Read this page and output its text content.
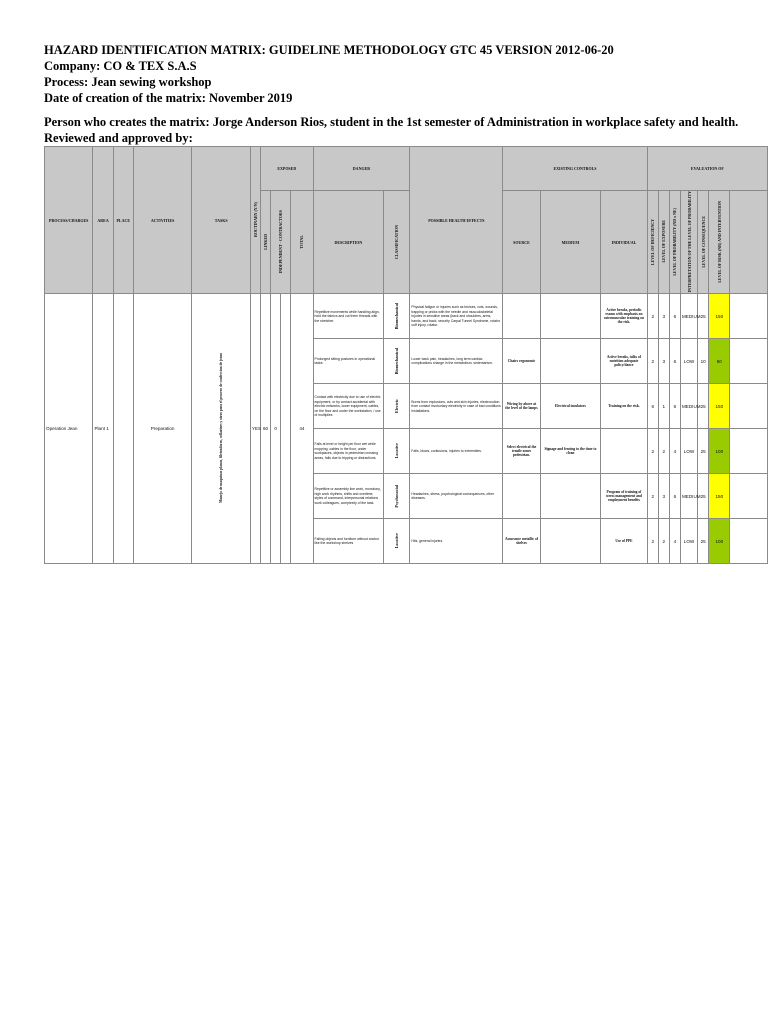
HAZARD IDENTIFICATION MATRIX: GUIDELINE METHODOLOGY GTC 45 VERSION 2012-06-20
Company: CO & TEX S.A.S
Process: Jean sewing workshop
Date of creation of the matrix: November 2019
Person who creates the matrix: Jorge Anderson Rios, student in the 1st semester of Administration in workplace safety and health.
Reviewed and approved by:
PROCESS/CHARGES	AREA	PLACE	ACTIVITIES	TASKS	ROUTINARY (Y/N)	EXPOSED				DANGER		POSSIBLE HEALTH EFFECTS	EXISTING CONTROLS			EVALUATION OF						
						LINKED	INDEPENDENT - CONTRACTORS		TOTAL	DESCRIPTION	CLASSIFICATION		SOURCE	MEDIUM	INDIVIDUAL	LEVEL OF DEFICIENCY	LEVEL OF EXPOSURE	LEVEL OF PROBABILITY (ND x NE)	INTERPRETATION OF THE LEVEL OF PROBABILITY	LEVEL OF CONSEQUENCE	LEVEL OF RISK (NR) AND INTERVENTION	
Operation Jean	Plant 1		Preparation	Manejo de maquinas planas, fileteadoras, collarines y otras para el proceso de confeccion de jeans	YES	60	0		44	Repetitive movements while handling align, hold the fabrics and cut them threads with the stretcher.	Biomechanical	Physical fatigue or injuries such as bruises, cuts, wounds, trapping or pricks with the needle and musculoskeletal injuries in sensitive areas (back and shoulders, arms, hands, and back, security Carpal Tunnel Syndrome, rotator cuff injury, rotator.			Active breaks, periodic exams with emphasis on osteomuscular training on the risk.	2	3	6	MEDIUM	25	150	
										Prolonged sitting postures in operational tasks.	Biomechanical	Lower back pain, headaches, long term cardiac complications change in the metabolism, sedentarism.	Chairs ergonomic		Active breaks, talks of nutrition adequate policy/dance	2	3	6	LOW	10	60	
										Contact with electricity due to use of electric equipment, or by contact accidental with electric networks, lower equipment, cables, on the floor and under the workstation, / use of multiplies	Electric	Burns from explosions, cuts and skin injuries, electrocution from contact involuntary electricity in case of bad conditions installations.	Wiring by above at the level of the lamps	Electrical insulators	Training on the risk.	6	1	6	MEDIUM	25	150	
										Falls at level or height per floor wet while mopping, cables in the floor, under workplaces, objects in pedestrian crossing areas, falls due to tripping or distractions.	Locative	Falls, blows, contusions, injuries to extremities.	Select electrical the tensile zones pedestrian.	Signage and fencing to the time to clean		2	2	4	LOW	25	100	
										Repetitive or assembly line work, monotony, high work rhythms, shifts and overtime, styles of command, interpersonal relations work colleagues, complexity of the task.	Psychosocial	Headaches, stress, psychological consequences, other diseases.			Program of training of stress management and employment benefits	2	3	6	MEDIUM	25	150	
										Falling objects and furniture without anchor like the workshop shelves	Locative	Hits, general injuries.	Assurance metallic of shelves		Use of PPE	2	2	4	LOW	25	100	
